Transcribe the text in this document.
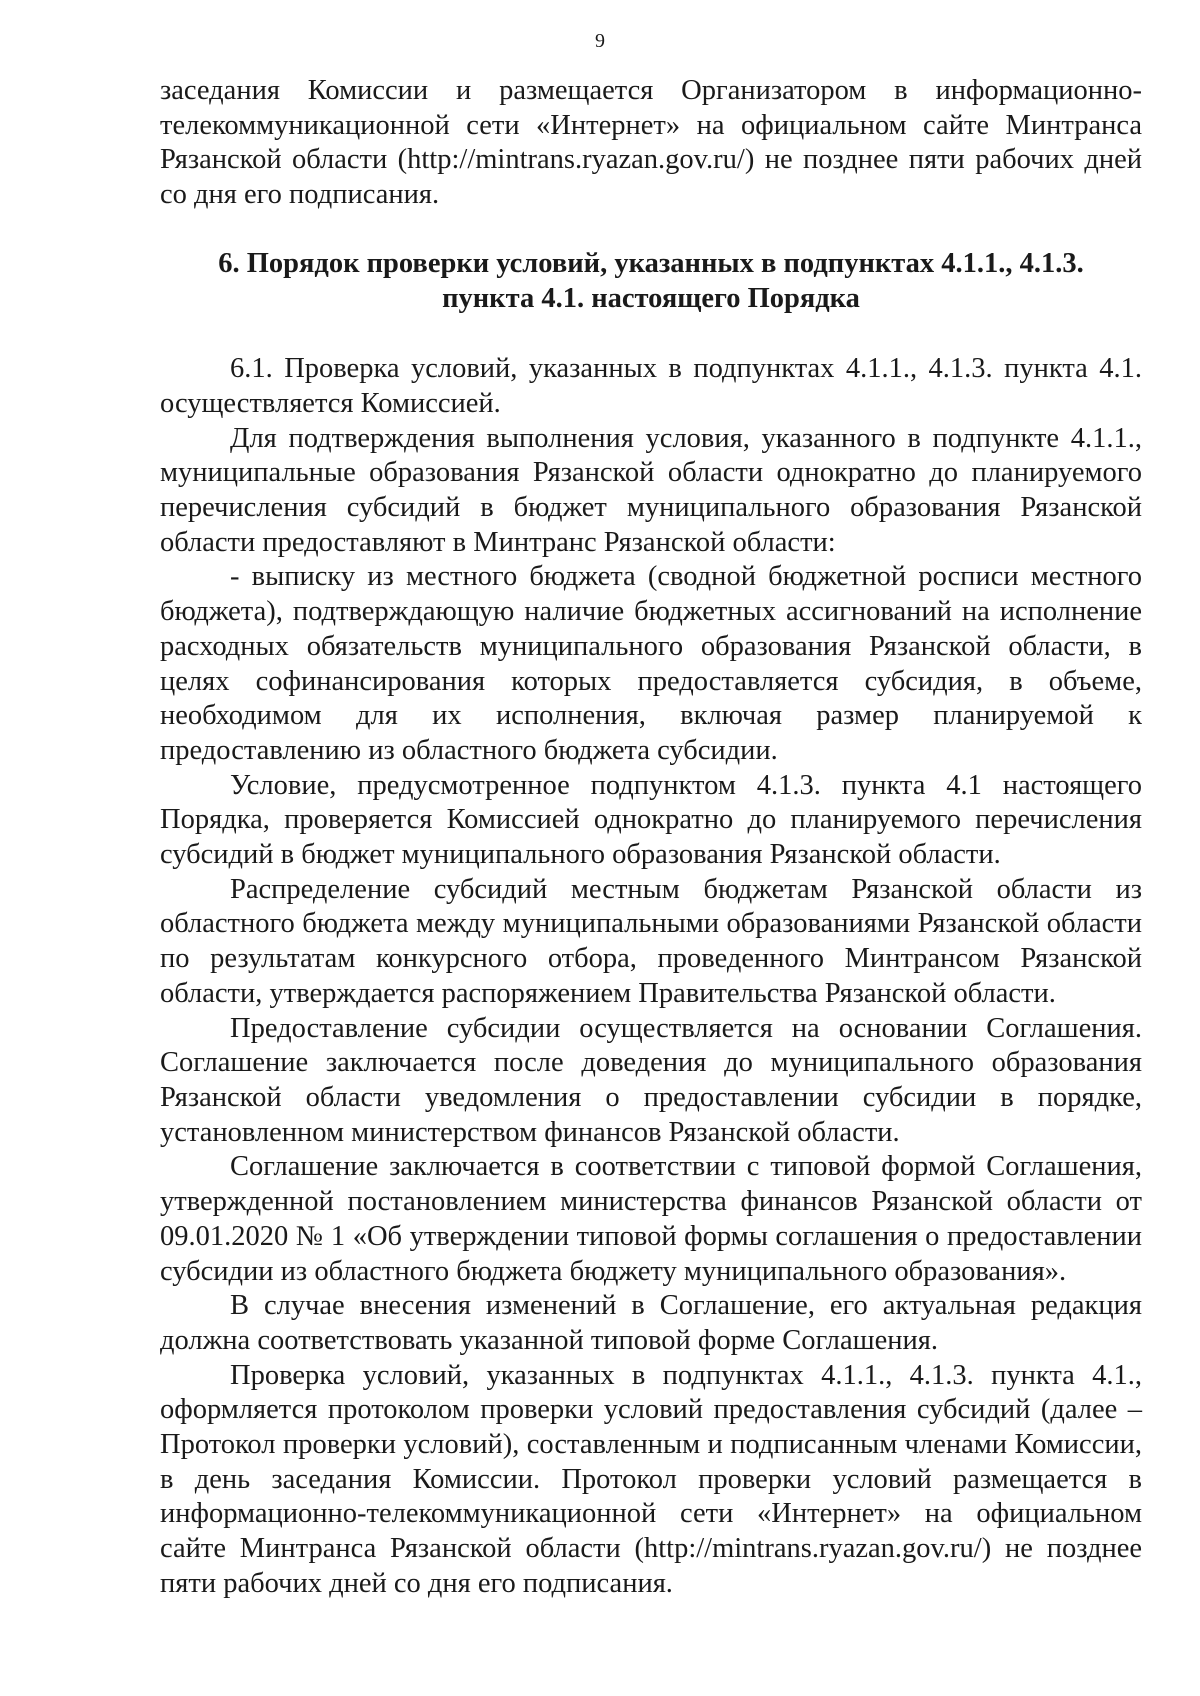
9

заседания Комиссии и размещается Организатором в информационно-телекоммуникационной сети «Интернет» на официальном сайте Минтранса Рязанской области (http://mintrans.ryazan.gov.ru/) не позднее пяти рабочих дней со дня его подписания.

6. Порядок проверки условий, указанных в подпунктах 4.1.1., 4.1.3.
пункта 4.1. настоящего Порядка

6.1. Проверка условий, указанных в подпунктах 4.1.1., 4.1.3. пункта 4.1. осуществляется Комиссией.

Для подтверждения выполнения условия, указанного в подпункте 4.1.1., муниципальные образования Рязанской области однократно до планируемого перечисления субсидий в бюджет муниципального образования Рязанской области предоставляют в Минтранс Рязанской области:

- выписку из местного бюджета (сводной бюджетной росписи местного бюджета), подтверждающую наличие бюджетных ассигнований на исполнение расходных обязательств муниципального образования Рязанской области, в целях софинансирования которых предоставляется субсидия, в объеме, необходимом для их исполнения, включая размер планируемой к предоставлению из областного бюджета субсидии.

Условие, предусмотренное подпунктом 4.1.3. пункта 4.1 настоящего Порядка, проверяется Комиссией однократно до планируемого перечисления субсидий в бюджет муниципального образования Рязанской области.

Распределение субсидий местным бюджетам Рязанской области из областного бюджета между муниципальными образованиями Рязанской области по результатам конкурсного отбора, проведенного Минтрансом Рязанской области, утверждается распоряжением Правительства Рязанской области.

Предоставление субсидии осуществляется на основании Соглашения. Соглашение заключается после доведения до муниципального образования Рязанской области уведомления о предоставлении субсидии в порядке, установленном министерством финансов Рязанской области.

Соглашение заключается в соответствии с типовой формой Соглашения, утвержденной постановлением министерства финансов Рязанской области от 09.01.2020 № 1 «Об утверждении типовой формы соглашения о предоставлении субсидии из областного бюджета бюджету муниципального образования».

В случае внесения изменений в Соглашение, его актуальная редакция должна соответствовать указанной типовой форме Соглашения.

Проверка условий, указанных в подпунктах 4.1.1., 4.1.3. пункта 4.1., оформляется протоколом проверки условий предоставления субсидий (далее – Протокол проверки условий), составленным и подписанным членами Комиссии, в день заседания Комиссии. Протокол проверки условий размещается в информационно-телекоммуникационной сети «Интернет» на официальном сайте Минтранса Рязанской области (http://mintrans.ryazan.gov.ru/) не позднее пяти рабочих дней со дня его подписания.
